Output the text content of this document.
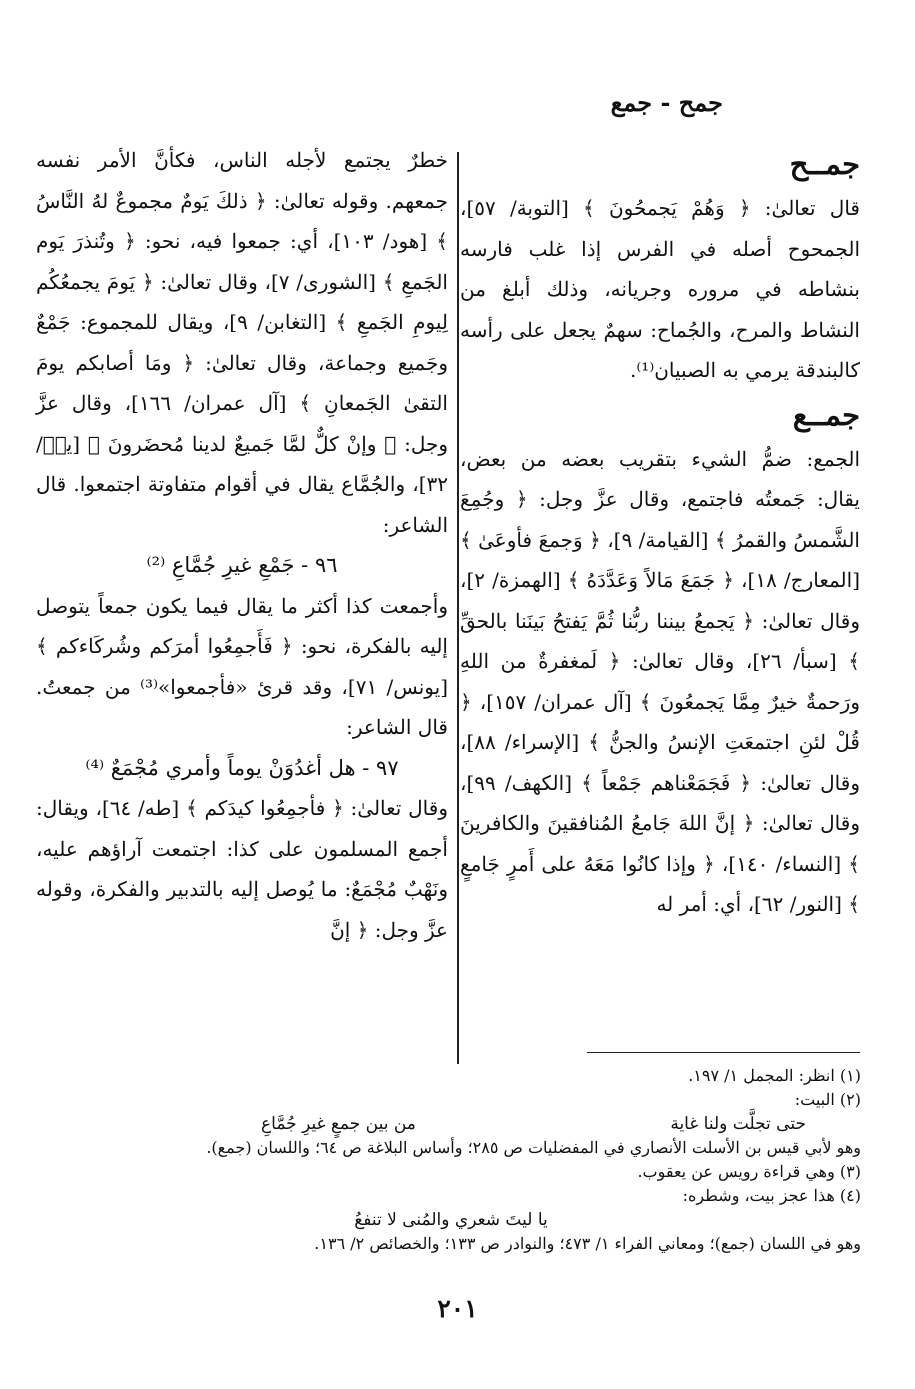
جمح - جمع

جمــح

قال تعالىٰ: ﴿ وَهُمْ يَجمحُونَ ﴾ [التوبة/ ٥٧]، الجمحوح أصله في الفرس إذا غلب فارسه بنشاطه في مروره وجريانه، وذلك أبلغ من النشاط والمرح، والجُماح: سهمٌ يجعل على رأسه كالبندقة يرمي به الصبيان⁽¹⁾.

جمــع

الجمع: ضمُّ الشيء بتقريب بعضه من بعض، يقال: جَمعتُه فاجتمع، وقال عزَّ وجل: ﴿ وجُمِعَ الشَّمسُ والقمرُ ﴾ [القيامة/ ٩]، ﴿ وَجمعَ فأوعَىٰ ﴾ [المعارج/ ١٨]، ﴿ جَمَعَ مَالاً وَعَدَّدَهُ ﴾ [الهمزة/ ٢]، وقال تعالىٰ: ﴿ يَجمعُ بيننا ربُّنا ثُمَّ يَفتحُ بَينَنا بالحقِّ ﴾ [سبأ/ ٢٦]، وقال تعالىٰ: ﴿ لَمغفرةٌ من اللهِ ورَحمةٌ خيرٌ مِمَّا يَجمعُونَ ﴾ [آل عمران/ ١٥٧]، ﴿ قُلْ لئنِ اجتمعَتِ الإنسُ والجنُّ ﴾ [الإسراء/ ٨٨]، وقال تعالىٰ: ﴿ فَجَمَعْناهم جَمْعاً ﴾ [الكهف/ ٩٩]، وقال تعالىٰ: ﴿ إنَّ اللهَ جَامعُ المُنافقينَ والكافرينَ ﴾ [النساء/ ١٤٠]، ﴿ وإذا كانُوا مَعَهُ على أَمرٍ جَامعٍ ﴾ [النور/ ٦٢]، أي: أمر له

خطرٌ يجتمع لأجله الناس، فكأنَّ الأمر نفسه جمعهم. وقوله تعالىٰ: ﴿ ذلكَ يَومٌ مجموعٌ لهُ النَّاسُ ﴾ [هود/ ١٠٣]، أي: جمعوا فيه، نحو: ﴿ وتُنذرَ يَوم الجَمعِ ﴾ [الشورى/ ٧]، وقال تعالىٰ: ﴿ يَومَ يجمعُكُم لِيومِ الجَمعِ ﴾ [التغابن/ ٩]، ويقال للمجموع: جَمْعٌ وجَميع وجماعة، وقال تعالىٰ: ﴿ ومَا أصابكم يومَ التقىٰ الجَمعانِ ﴾ [آل عمران/ ١٦٦]، وقال عزَّ وجل: ﴿ وإنْ كلٌّ لمَّا جَميعٌ لدينا مُحضَرونَ ﴾ [يسۤ/ ٣٢]، والجُمَّاع يقال في أقوام متفاوتة اجتمعوا. قال الشاعر:

٩٦ - جَمْعِ غيرِ جُمَّاعِ ⁽²⁾

وأجمعت كذا أكثر ما يقال فيما يكون جمعاً يتوصل إليه بالفكرة، نحو: ﴿ فَأَجمِعُوا أمرَكم وشُركَاءكم ﴾ [يونس/ ٧١]، وقد قرئ «فأجمعوا»⁽³⁾ من جمعتُ. قال الشاعر:

٩٧ - هل أغدُوَنْ يوماً وأمري مُجْمَعٌ ⁽⁴⁾

وقال تعالىٰ: ﴿ فأجمِعُوا كيدَكم ﴾ [طه/ ٦٤]، ويقال: أجمع المسلمون على كذا: اجتمعت آراؤهم عليه، ونَهْبٌ مُجْمَعٌ: ما يُوصل إليه بالتدبير والفكرة، وقوله عزَّ وجل: ﴿ إنَّ

(١) انظر: المجمل ١/ ١٩٧.

(٢) البيت:

حتى تجلَّت ولنا غاية
من بين جمعٍ غيرِ جُمَّاعِ

وهو لأبي قيس بن الأسلت الأنصاري في المفضليات ص ٢٨٥؛ وأساس البلاغة ص ٦٤؛ واللسان (جمع).

(٣) وهي قراءة رويس عن يعقوب.

(٤) هذا عجز بيت، وشطره:

يا ليتَ شعري والمُنى لا تنفعُ

وهو في اللسان (جمع)؛ ومعاني الفراء ١/ ٤٧٣؛ والنوادر ص ١٣٣؛ والخصائص ٢/ ١٣٦.

٢٠١
